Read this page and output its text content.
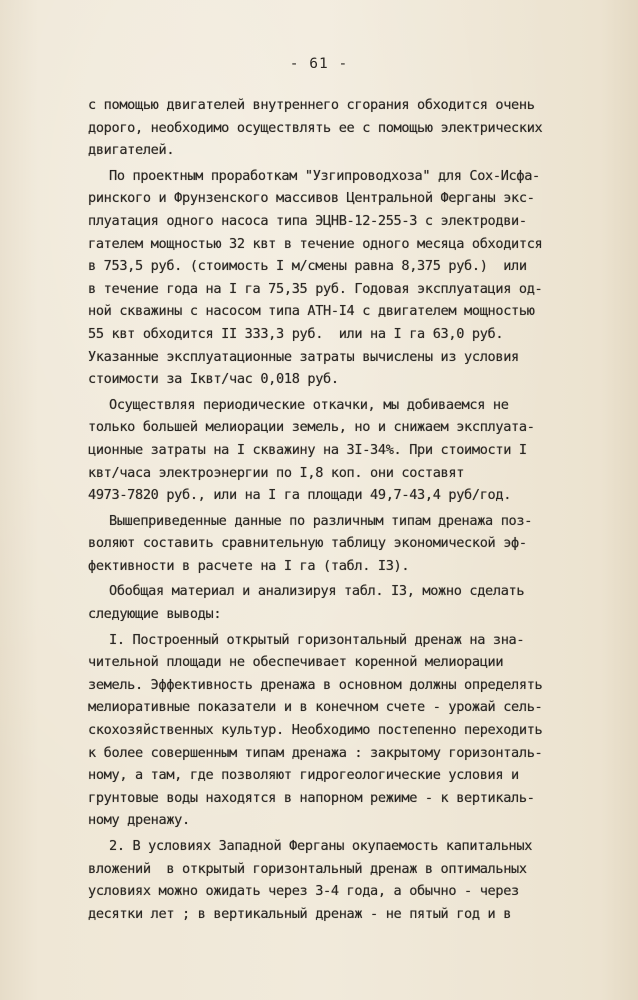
- 61 -
с помощью двигателей внутреннего сгорания обходится очень
дорого, необходимо осуществлять ее с помощью электрических
двигателей.
По проектным проработкам "Узгипроводхоза" для Сох-Исфа-
ринского и Фрунзенского массивов Центральной Ферганы экс-
плуатация одного насоса типа ЭЦНВ-12-255-3 с электродви-
гателем мощностью 32 квт в течение одного месяца обходится
в 753,5 руб. (стоимость I м/смены равна 8,375 руб.)  или
в течение года на I га 75,35 руб. Годовая эксплуатация од-
ной скважины с насосом типа АТН-I4 с двигателем мощностью
55 квт обходится II 333,3 руб.  или на I га 63,0 руб.
Указанные эксплуатационные затраты вычислены из условия
стоимости за Iквт/час 0,018 руб.
Осуществляя периодические откачки, мы добиваемся не
только большей мелиорации земель, но и снижаем эксплуата-
ционные затраты на I скважину на 3I-34%. При стоимости I
квт/часа электроэнергии по I,8 коп. они составят
4973-7820 руб., или на I га площади 49,7-43,4 руб/год.
Вышеприведенные данные по различным типам дренажа поз-
воляют составить сравнительную таблицу экономической эф-
фективности в расчете на I га (табл. I3).
Обобщая материал и анализируя табл. I3, можно сделать
следующие выводы:
I. Построенный открытый горизонтальный дренаж на зна-
чительной площади не обеспечивает коренной мелиорации
земель. Эффективность дренажа в основном должны определять
мелиоративные показатели и в конечном счете - урожай сель-
скохозяйственных культур. Необходимо постепенно переходить
к более совершенным типам дренажа : закрытому горизонталь-
ному, а там, где позволяют гидрогеологические условия и
грунтовые воды находятся в напорном режиме - к вертикаль-
ному дренажу.
2. В условиях Западной Ферганы окупаемость капитальных
вложений  в открытый горизонтальный дренаж в оптимальных
условиях можно ожидать через 3-4 года, а обычно - через
десятки лет ; в вертикальный дренаж - не пятый год и в
